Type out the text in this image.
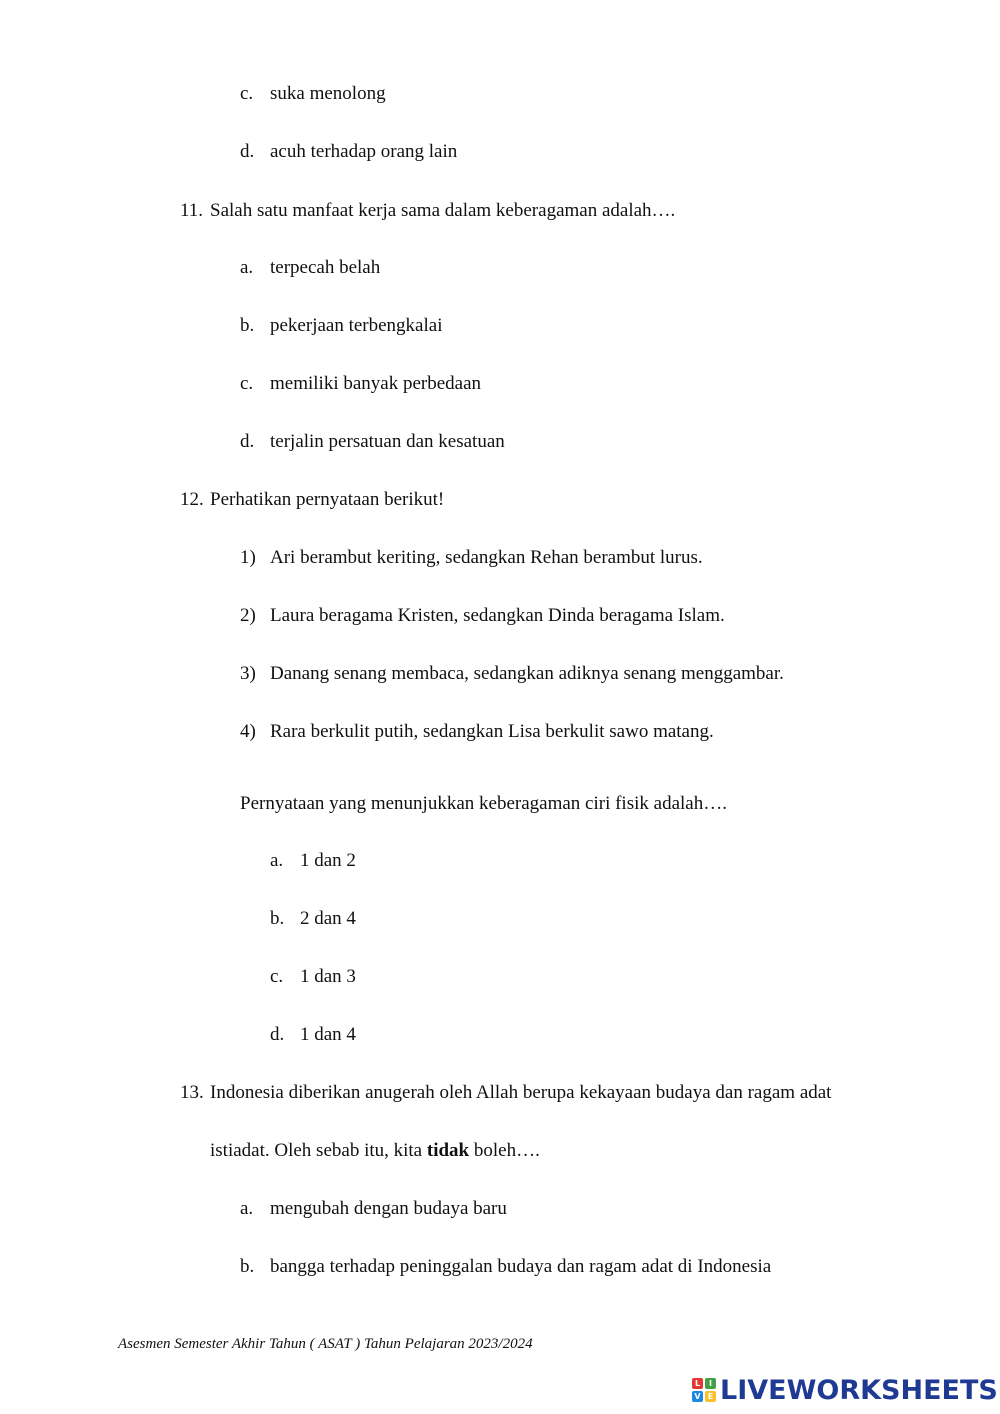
c. suka menolong
d. acuh terhadap orang lain
11. Salah satu manfaat kerja sama dalam keberagaman adalah….
a. terpecah belah
b. pekerjaan terbengkalai
c. memiliki banyak perbedaan
d. terjalin persatuan dan kesatuan
12. Perhatikan pernyataan berikut!
1) Ari berambut keriting, sedangkan Rehan berambut lurus.
2) Laura beragama Kristen, sedangkan Dinda beragama Islam.
3) Danang senang membaca, sedangkan adiknya senang menggambar.
4) Rara berkulit putih, sedangkan Lisa berkulit sawo matang.
Pernyataan yang menunjukkan keberagaman ciri fisik adalah….
a. 1 dan 2
b. 2 dan 4
c. 1 dan 3
d. 1 dan 4
13. Indonesia diberikan anugerah oleh Allah berupa kekayaan budaya dan ragam adat
istiadat. Oleh sebab itu, kita tidak boleh….
a. mengubah dengan budaya baru
b. bangga terhadap peninggalan budaya dan ragam adat di Indonesia
Asesmen Semester Akhir Tahun ( ASAT ) Tahun Pelajaran 2023/2024
L	I
V E LIVEWORKSHEETS
